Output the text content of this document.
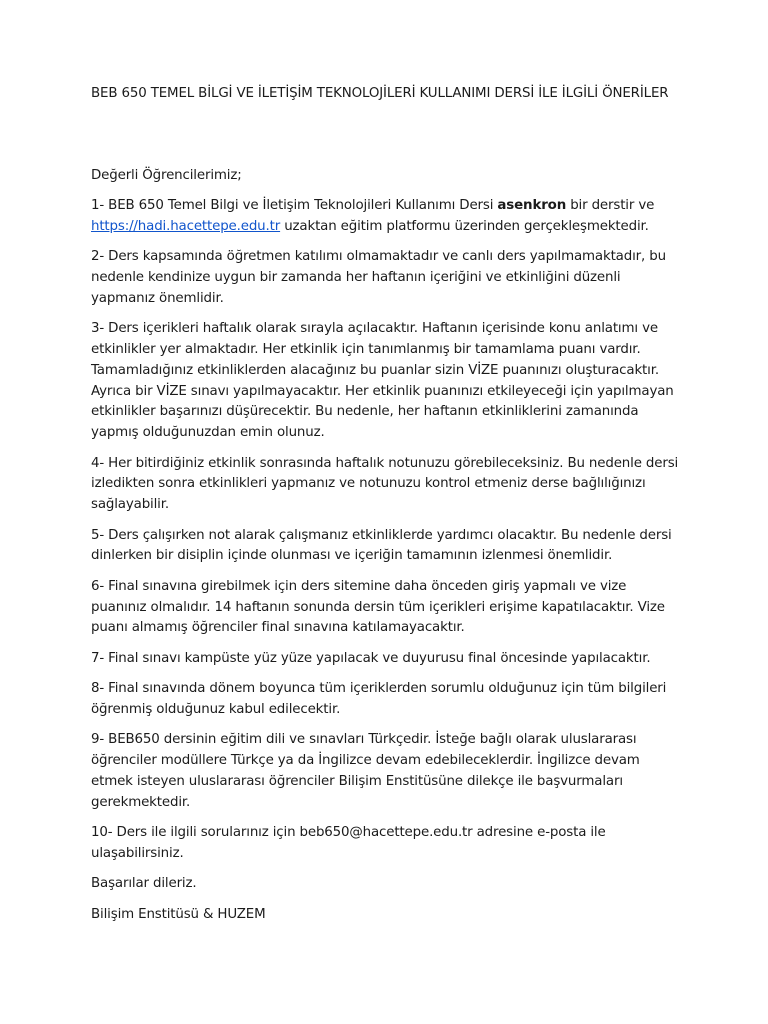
BEB 650 TEMEL BİLGİ VE İLETİŞİM TEKNOLOJİLERİ KULLANIMI DERSİ İLE İLGİLİ ÖNERİLER

Değerli Öğrencilerimiz;

1- BEB 650 Temel Bilgi ve İletişim Teknolojileri Kullanımı Dersi asenkron bir derstir ve https://hadi.hacettepe.edu.tr uzaktan eğitim platformu üzerinden gerçekleşmektedir.

2- Ders kapsamında öğretmen katılımı olmamaktadır ve canlı ders yapılmamaktadır, bu nedenle kendinize uygun bir zamanda her haftanın içeriğini ve etkinliğini düzenli yapmanız önemlidir.

3- Ders içerikleri haftalık olarak sırayla açılacaktır. Haftanın içerisinde konu anlatımı ve etkinlikler yer almaktadır. Her etkinlik için tanımlanmış bir tamamlama puanı vardır. Tamamladığınız etkinliklerden alacağınız bu puanlar sizin VİZE puanınızı oluşturacaktır. Ayrıca bir VİZE sınavı yapılmayacaktır. Her etkinlik puanınızı etkileyeceği için yapılmayan etkinlikler başarınızı düşürecektir. Bu nedenle, her haftanın etkinliklerini zamanında yapmış olduğunuzdan emin olunuz.

4- Her bitirdiğiniz etkinlik sonrasında haftalık notunuzu görebileceksiniz. Bu nedenle dersi izledikten sonra etkinlikleri yapmanız ve notunuzu kontrol etmeniz derse bağlılığınızı sağlayabilir.

5- Ders çalışırken not alarak çalışmanız etkinliklerde yardımcı olacaktır. Bu nedenle dersi dinlerken bir disiplin içinde olunması ve içeriğin tamamının izlenmesi önemlidir.

6- Final sınavına girebilmek için ders sitemine daha önceden giriş yapmalı ve vize puanınız olmalıdır. 14 haftanın sonunda dersin tüm içerikleri erişime kapatılacaktır. Vize puanı almamış öğrenciler final sınavına katılamayacaktır.

7- Final sınavı kampüste yüz yüze yapılacak ve duyurusu final öncesinde yapılacaktır.

8- Final sınavında dönem boyunca tüm içeriklerden sorumlu olduğunuz için tüm bilgileri öğrenmiş olduğunuz kabul edilecektir.

9- BEB650 dersinin eğitim dili ve sınavları Türkçedir. İsteğe bağlı olarak uluslararası öğrenciler modüllere Türkçe ya da İngilizce devam edebileceklerdir. İngilizce devam etmek isteyen uluslararası öğrenciler Bilişim Enstitüsüne dilekçe ile başvurmaları gerekmektedir.

10- Ders ile ilgili sorularınız için beb650@hacettepe.edu.tr adresine e-posta ile ulaşabilirsiniz.

Başarılar dileriz.

Bilişim Enstitüsü & HUZEM
